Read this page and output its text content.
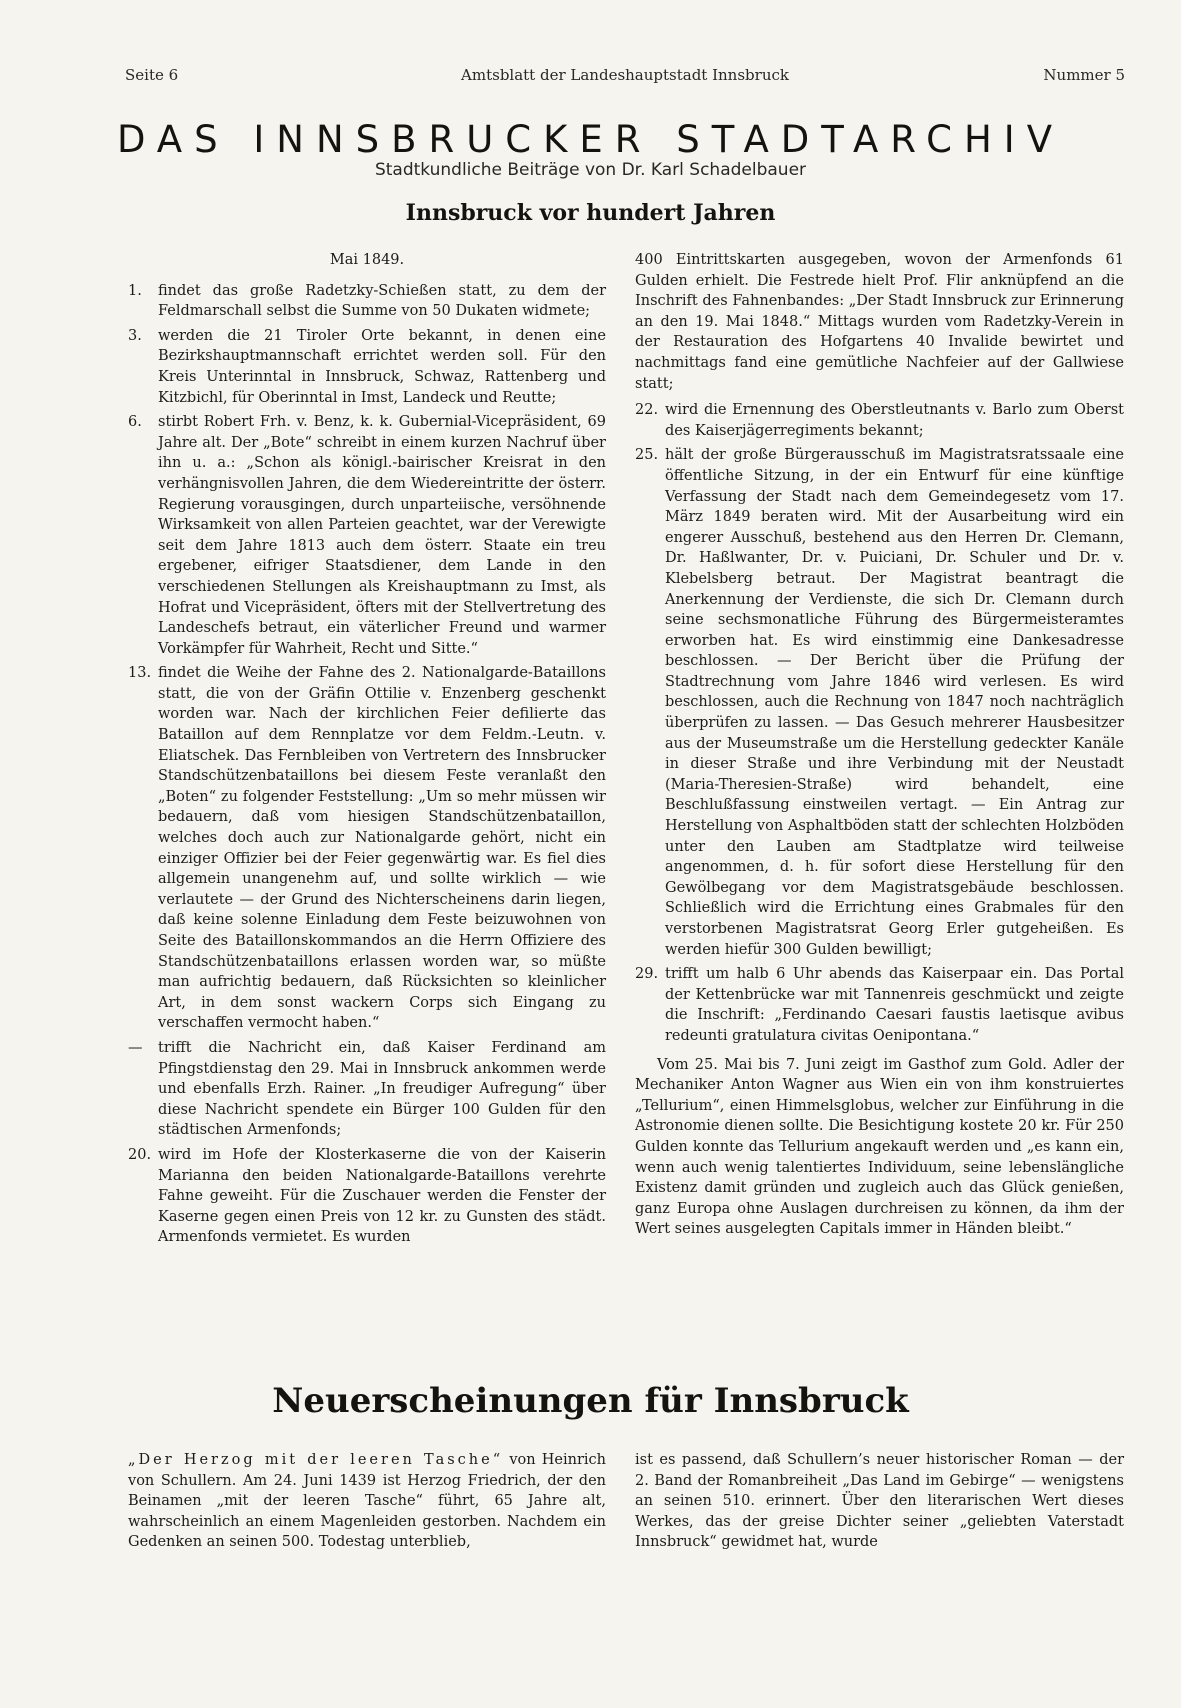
Seite 6	Amtsblatt der Landeshauptstadt Innsbruck	Nummer 5
DAS INNSBRUCKER STADTARCHIV
Stadtkundliche Beiträge von Dr. Karl Schadelbauer
Innsbruck vor hundert Jahren
Mai 1849.
1.	findet das große Radetzky-Schießen statt, zu dem der Feldmarschall selbst die Summe von 50 Dukaten widmete;
3.	werden die 21 Tiroler Orte bekannt, in denen eine Bezirkshauptmannschaft errichtet werden soll. Für den Kreis Unterinntal in Innsbruck, Schwaz, Rattenberg und Kitzbichl, für Oberinntal in Imst, Landeck und Reutte;
6.	stirbt Robert Frh. v. Benz, k. k. Gubernial-Vicepräsident, 69 Jahre alt. Der „Bote“ schreibt in einem kurzen Nachruf über ihn u. a.: „Schon als königl.-bairischer Kreisrat in den verhängnisvollen Jahren, die dem Wiedereintritte der österr. Regierung vorausgingen, durch unparteiische, versöhnende Wirksamkeit von allen Parteien geachtet, war der Verewigte seit dem Jahre 1813 auch dem österr. Staate ein treu ergebener, eifriger Staatsdiener, dem Lande in den verschiedenen Stellungen als Kreishauptmann zu Imst, als Hofrat und Vicepräsident, öfters mit der Stellvertretung des Landeschefs betraut, ein väterlicher Freund und warmer Vorkämpfer für Wahrheit, Recht und Sitte.“
13. findet die Weihe der Fahne des 2. Nationalgarde-Bataillons statt, die von der Gräfin Ottilie v. Enzenberg geschenkt worden war. Nach der kirchlichen Feier defilierte das Bataillon auf dem Rennplatze vor dem Feldm.-Leutn. v. Eliatschek. Das Fernbleiben von Vertretern des Innsbrucker Standschützenbataillons bei diesem Feste veranlaßt den „Boten“ zu folgender Feststellung: „Um so mehr müssen wir bedauern, daß vom hiesigen Standschützenbataillon, welches doch auch zur Nationalgarde gehört, nicht ein einziger Offizier bei der Feier gegenwärtig war. Es fiel dies allgemein unangenehm auf, und sollte wirklich — wie verlautete — der Grund des Nichterscheinens darin liegen, daß keine solenne Einladung dem Feste beizuwohnen von Seite des Bataillonskommandos an die Herrn Offiziere des Standschützenbataillons erlassen worden war, so müßte man aufrichtig bedauern, daß Rücksichten so kleinlicher Art, in dem sonst wackern Corps sich Eingang zu verschaffen vermocht haben.“
—	trifft die Nachricht ein, daß Kaiser Ferdinand am Pfingstdienstag den 29. Mai in Innsbruck ankommen werde und ebenfalls Erzh. Rainer. „In freudiger Aufregung“ über diese Nachricht spendete ein Bürger 100 Gulden für den städtischen Armenfonds;
20. wird im Hofe der Klosterkaserne die von der Kaiserin Marianna den beiden Nationalgarde-Bataillons verehrte Fahne geweiht. Für die Zuschauer werden die Fenster der Kaserne gegen einen Preis von 12 kr. zu Gunsten des städt. Armenfonds vermietet. Es wurden

400 Eintrittskarten ausgegeben, wovon der Armenfonds 61 Gulden erhielt. Die Festrede hielt Prof. Flir anknüpfend an die Inschrift des Fahnenbandes: „Der Stadt Innsbruck zur Erinnerung an den 19. Mai 1848.“ Mittags wurden vom Radetzky-Verein in der Restauration des Hofgartens 40 Invalide bewirtet und nachmittags fand eine gemütliche Nachfeier auf der Gallwiese statt;

22. wird die Ernennung des Oberstleutnants v. Barlo zum Oberst des Kaiserjägerregiments bekannt;
25. hält der große Bürgerausschuß im Magistratsratssaale eine öffentliche Sitzung, in der ein Entwurf für eine künftige Verfassung der Stadt nach dem Gemeindegesetz vom 17. März 1849 beraten wird. Mit der Ausarbeitung wird ein engerer Ausschuß, bestehend aus den Herren Dr. Clemann, Dr. Haßlwanter, Dr. v. Puiciani, Dr. Schuler und Dr. v. Klebelsberg betraut. Der Magistrat beantragt die Anerkennung der Verdienste, die sich Dr. Clemann durch seine sechsmonatliche Führung des Bürgermeisteramtes erworben hat. Es wird einstimmig eine Dankesadresse beschlossen. — Der Bericht über die Prüfung der Stadtrechnung vom Jahre 1846 wird verlesen. Es wird beschlossen, auch die Rechnung von 1847 noch nachträglich überprüfen zu lassen. — Das Gesuch mehrerer Hausbesitzer aus der Museumstraße um die Herstellung gedeckter Kanäle in dieser Straße und ihre Verbindung mit der Neustadt (Maria-Theresien-Straße) wird behandelt, eine Beschlußfassung einstweilen vertagt. — Ein Antrag zur Herstellung von Asphaltböden statt der schlechten Holzböden unter den Lauben am Stadtplatze wird teilweise angenommen, d. h. für sofort diese Herstellung für den Gewölbegang vor dem Magistratsgebäude beschlossen. Schließlich wird die Errichtung eines Grabmales für den verstorbenen Magistratsrat Georg Erler gutgeheißen. Es werden hiefür 300 Gulden bewilligt;
29. trifft um halb 6 Uhr abends das Kaiserpaar ein. Das Portal der Kettenbrücke war mit Tannenreis geschmückt und zeigte die Inschrift: „Ferdinando Caesari faustis laetisque avibus redeunti gratulatura civitas Oenipontana.“

Vom 25. Mai bis 7. Juni zeigt im Gasthof zum Gold. Adler der Mechaniker Anton Wagner aus Wien ein von ihm konstruiertes „Tellurium“, einen Himmelsglobus, welcher zur Einführung in die Astronomie dienen sollte. Die Besichtigung kostete 20 kr. Für 250 Gulden konnte das Tellurium angekauft werden und „es kann ein, wenn auch wenig talentiertes Individuum, seine lebenslängliche Existenz damit gründen und zugleich auch das Glück genießen, ganz Europa ohne Auslagen durchreisen zu können, da ihm der Wert seines ausgelegten Capitals immer in Händen bleibt.“

Neuerscheinungen für Innsbruck
„Der Herzog mit der leeren Tasche“ von Heinrich von Schullern. Am 24. Juni 1439 ist Herzog Friedrich, der den Beinamen „mit der leeren Tasche“ führt, 65 Jahre alt, wahrscheinlich an einem Magenleiden gestorben. Nachdem ein Gedenken an seinen 500. Todestag unterblieb,
ist es passend, daß Schullern’s neuer historischer Roman — der 2. Band der Romanbreiheit „Das Land im Gebirge“ — wenigstens an seinen 510. erinnert. Über den literarischen Wert dieses Werkes, das der greise Dichter seiner „geliebten Vaterstadt Innsbruck“ gewidmet hat, wurde
